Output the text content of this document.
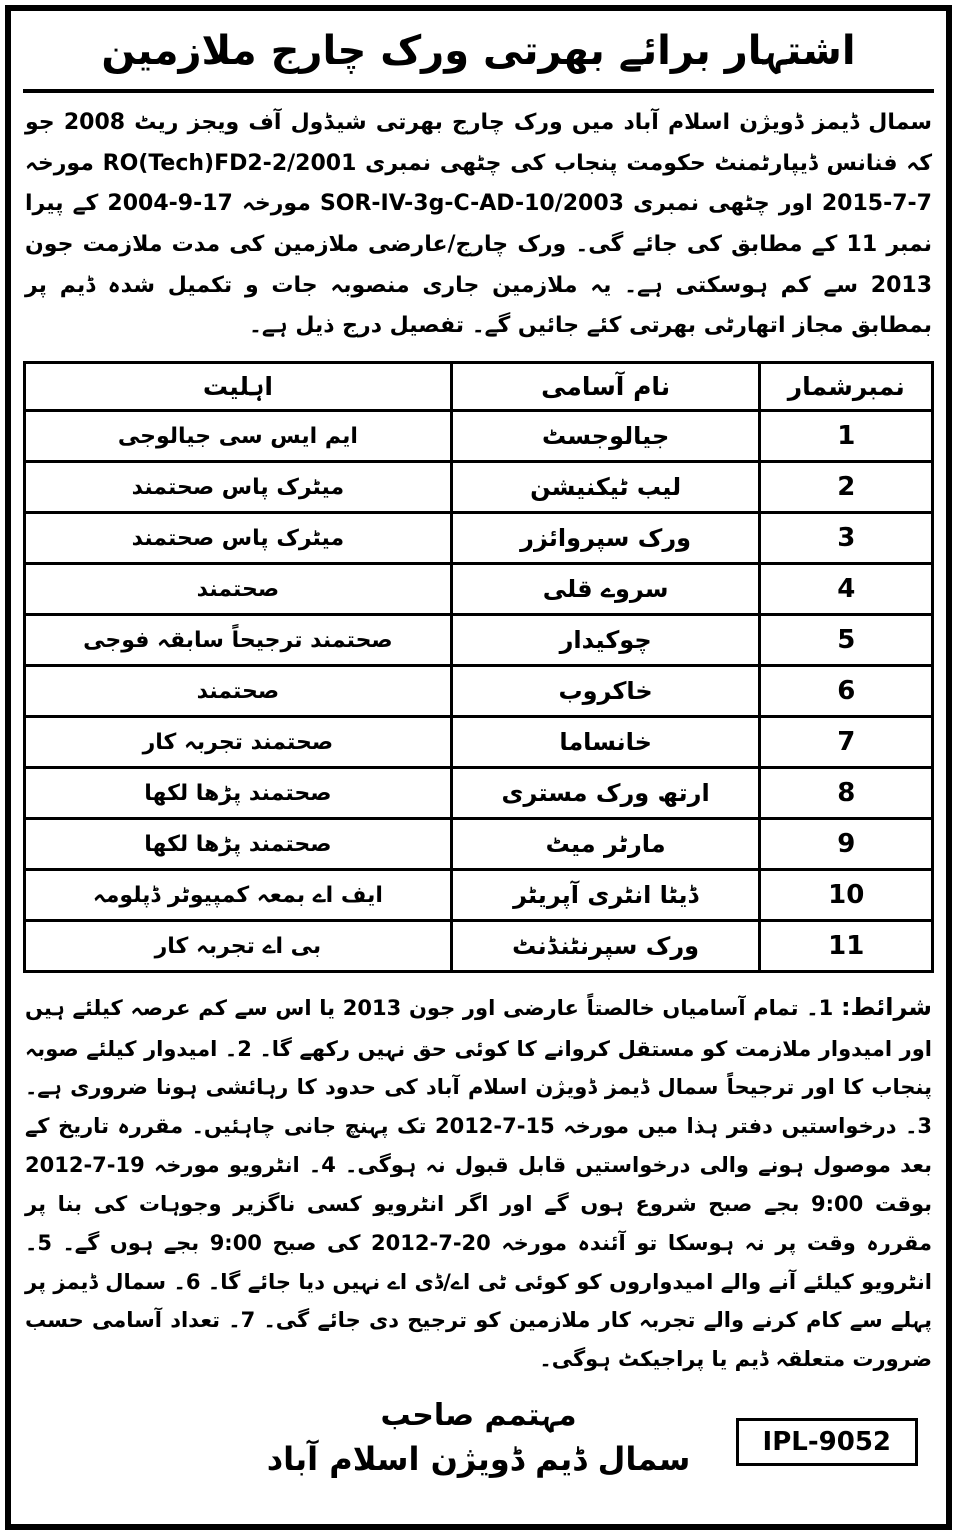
اشتہار برائے بھرتی ورک چارج ملازمین

سمال ڈیمز ڈویژن اسلام آباد میں ورک چارج بھرتی شیڈول آف ویجز ریٹ 2008 جو کہ فنانس ڈیپارٹمنٹ حکومت پنجاب کی چٹھی نمبری RO(Tech)FD2-2/2001 مورخہ 7-7-2015 اور چٹھی نمبری SOR-IV-3g-C-AD-10/2003 مورخہ 17-9-2004 کے پیرا نمبر 11 کے مطابق کی جائے گی۔ ورک چارج/عارضی ملازمین کی مدت ملازمت جون 2013 سے کم ہوسکتی ہے۔ یہ ملازمین جاری منصوبہ جات و تکمیل شدہ ڈیم پر بمطابق مجاز اتھارٹی بھرتی کئے جائیں گے۔ تفصیل درج ذیل ہے۔

نمبرشمار	نام آسامی	اہلیت
1	جیالوجسٹ	ایم ایس سی جیالوجی
2	لیب ٹیکنیشن	میٹرک پاس صحتمند
3	ورک سپروائزر	میٹرک پاس صحتمند
4	سروے قلی	صحتمند
5	چوکیدار	صحتمند ترجیحاً سابقہ فوجی
6	خاکروب	صحتمند
7	خانساما	صحتمند تجربہ کار
8	ارتھ ورک مستری	صحتمند پڑھا لکھا
9	مارٹر میٹ	صحتمند پڑھا لکھا
10	ڈیٹا انٹری آپریٹر	ایف اے بمعہ کمپیوٹر ڈپلومہ
11	ورک سپرنٹنڈنٹ	بی اے تجربہ کار

شرائط: 1۔ تمام آسامیاں خالصتاً عارضی اور جون 2013 یا اس سے کم عرصہ کیلئے ہیں اور امیدوار ملازمت کو مستقل کروانے کا کوئی حق نہیں رکھے گا۔ 2۔ امیدوار کیلئے صوبہ پنجاب کا اور ترجیحاً سمال ڈیمز ڈویژن اسلام آباد کی حدود کا رہائشی ہونا ضروری ہے۔ 3۔ درخواستیں دفتر ہذا میں مورخہ 15-7-2012 تک پہنچ جانی چاہئیں۔ مقررہ تاریخ کے بعد موصول ہونے والی درخواستیں قابل قبول نہ ہوگی۔ 4۔ انٹرویو مورخہ 19-7-2012 بوقت 9:00 بجے صبح شروع ہوں گے اور اگر انٹرویو کسی ناگزیر وجوہات کی بنا پر مقررہ وقت پر نہ ہوسکا تو آئندہ مورخہ 20-7-2012 کی صبح 9:00 بجے ہوں گے۔ 5۔ انٹرویو کیلئے آنے والے امیدواروں کو کوئی ٹی اے/ڈی اے نہیں دیا جائے گا۔ 6۔ سمال ڈیمز پر پہلے سے کام کرنے والے تجربہ کار ملازمین کو ترجیح دی جائے گی۔ 7۔ تعداد آسامی حسب ضرورت متعلقہ ڈیم یا پراجیکٹ ہوگی۔

مہتمم صاحب
سمال ڈیم ڈویژن اسلام آباد	IPL-9052
